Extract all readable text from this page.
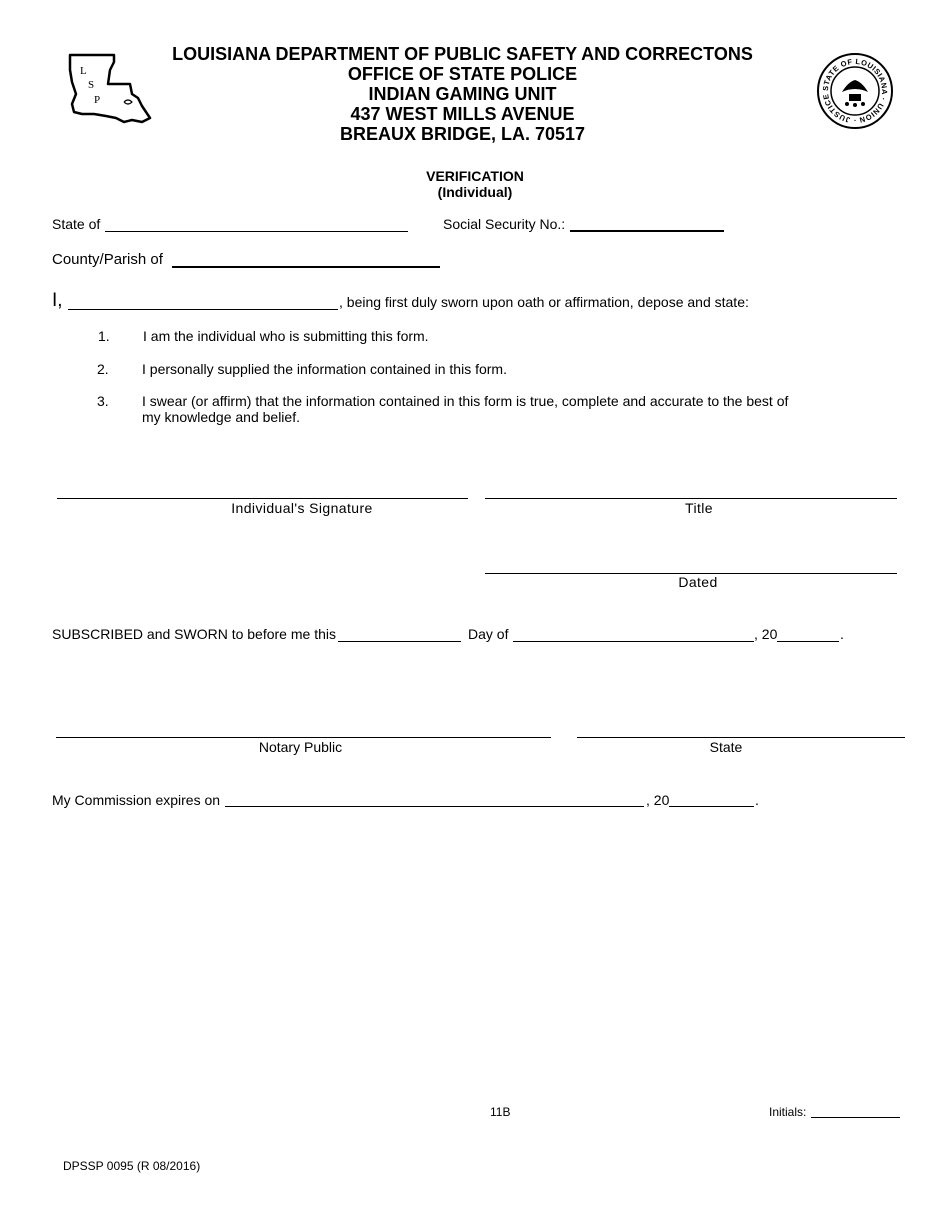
L
S
P
LOUISIANA DEPARTMENT OF PUBLIC SAFETY AND CORRECTONS
OFFICE OF STATE POLICE
INDIAN GAMING UNIT
437 WEST MILLS AVENUE
BREAUX BRIDGE, LA. 70517
STATE OF LOUISIANA · UNION · JUSTICE
VERIFICATION
(Individual)
State of	Social Security No.:
County/Parish of
I,	, being first duly sworn upon oath or affirmation, depose and state:
1. I am the individual who is submitting this form.
2. I personally supplied the information contained in this form.
3. I swear (or affirm) that the information contained in this form is true, complete and accurate to the best of
my knowledge and belief.
Individual's Signature	Title
Dated
SUBSCRIBED and SWORN to before me this	Day of	, 20	.
Notary Public	State
My Commission expires on	, 20	.
11B	Initials:
DPSSP 0095 (R 08/2016)
